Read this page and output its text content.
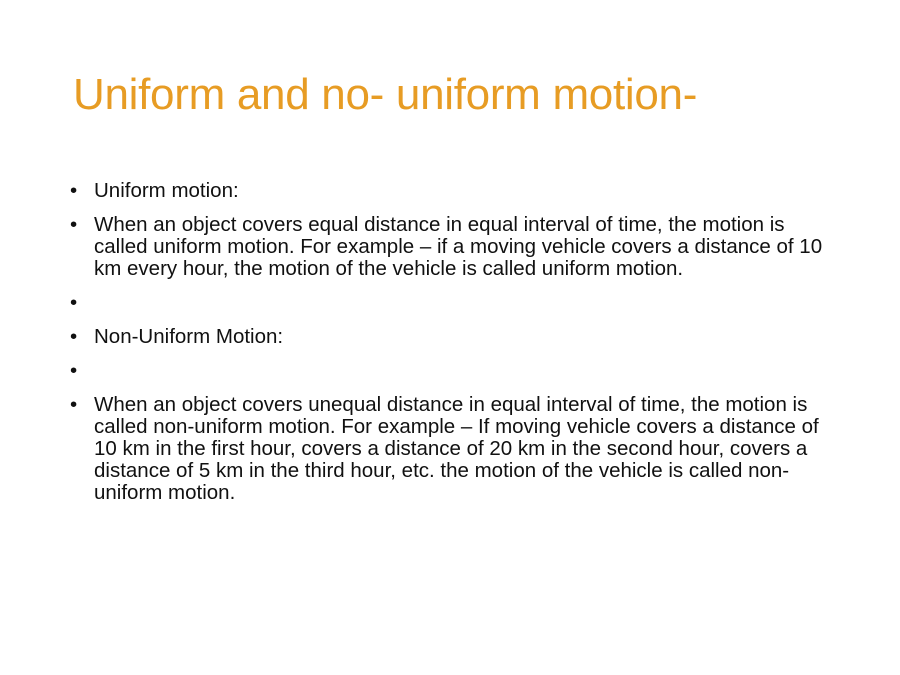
Uniform and no- uniform motion-
• Uniform motion:
• When an object covers equal distance in equal interval of time, the motion is called uniform motion. For example – if a moving vehicle covers a distance of 10 km every hour, the motion of the vehicle is called uniform motion.
•
• Non-Uniform Motion:
•
• When an object covers unequal distance in equal interval of time, the motion is called non-uniform motion. For example – If moving vehicle covers a distance of 10 km in the first hour, covers a distance of 20 km in the second hour, covers a distance of 5 km in the third hour, etc. the motion of the vehicle is called non-uniform motion.
